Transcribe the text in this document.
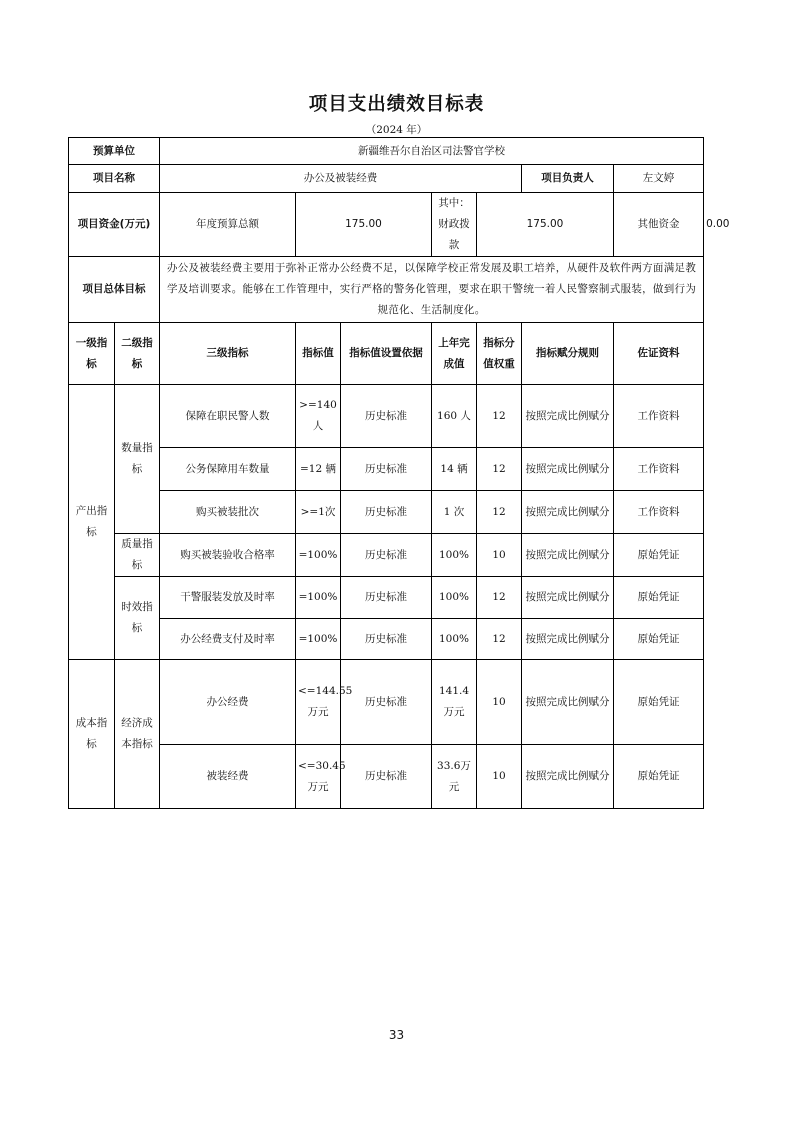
项目支出绩效目标表
（2024 年）
预算单位		新疆维吾尔自治区司法警官学校							
项目名称		办公及被装经费					项目负责人	左文婷	
项目资金(万元)		年度预算总额	175.00		其中：财政拨款	175.00		其他资金	0.00
项目总体目标		办公及被装经费主要用于弥补正常办公经费不足，以保障学校正常发展及职工培养，从硬件及软件两方面满足教学及培训要求。能够在工作管理中，实行严格的警务化管理，要求在职干警统一着人民警察制式服装，做到行为规范化、生活制度化。							
一级指标	二级指标	三级指标	指标值	指标值设置依据	上年完成值	指标分值权重	指标赋分规则	佐证资料	
产出指标	数量指标	保障在职民警人数	>=140人	历史标准	160 人	12	按照完成比例赋分	工作资料	
		公务保障用车数量	=12 辆	历史标准	14 辆	12	按照完成比例赋分	工作资料	
		购买被装批次	>=1次	历史标准	1 次	12	按照完成比例赋分	工作资料	
	质量指标	购买被装验收合格率	=100%	历史标准	100%	10	按照完成比例赋分	原始凭证	
	时效指标	干警服装发放及时率	=100%	历史标准	100%	12	按照完成比例赋分	原始凭证	
		办公经费支付及时率	=100%	历史标准	100%	12	按照完成比例赋分	原始凭证	
成本指标	经济成本指标	办公经费	<=144.55 万元	历史标准	141.4万元	10	按照完成比例赋分	原始凭证	
		被装经费	<=30.45 万元	历史标准	33.6万元	10	按照完成比例赋分	原始凭证	
33
